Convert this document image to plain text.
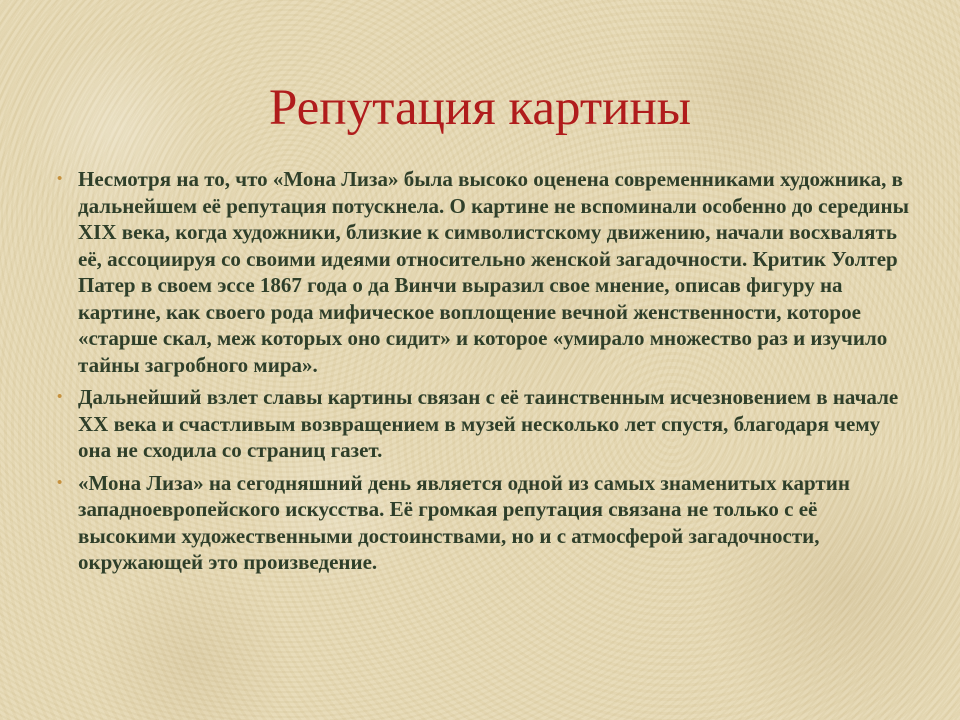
Репутация картины
• Несмотря на то, что «Мона Лиза» была высоко оценена современниками художника, в дальнейшем её репутация потускнела. О картине не вспоминали особенно до середины XIX века, когда художники, близкие к символистскому движению, начали восхвалять её, ассоциируя со своими идеями относительно женской загадочности. Критик Уолтер Патер в своем эссе 1867 года о да Винчи выразил свое мнение, описав фигуру на картине, как своего рода мифическое воплощение вечной женственности, которое «старше скал, меж которых оно сидит» и которое «умирало множество раз и изучило тайны загробного мира».
• Дальнейший взлет славы картины связан с её таинственным исчезновением в начале XX века и счастливым возвращением в музей несколько лет спустя, благодаря чему она не сходила со страниц газет.
• «Мона Лиза» на сегодняшний день является одной из самых знаменитых картин западноевропейского искусства. Её громкая репутация связана не только с её высокими художественными достоинствами, но и с атмосферой загадочности, окружающей это произведение.
